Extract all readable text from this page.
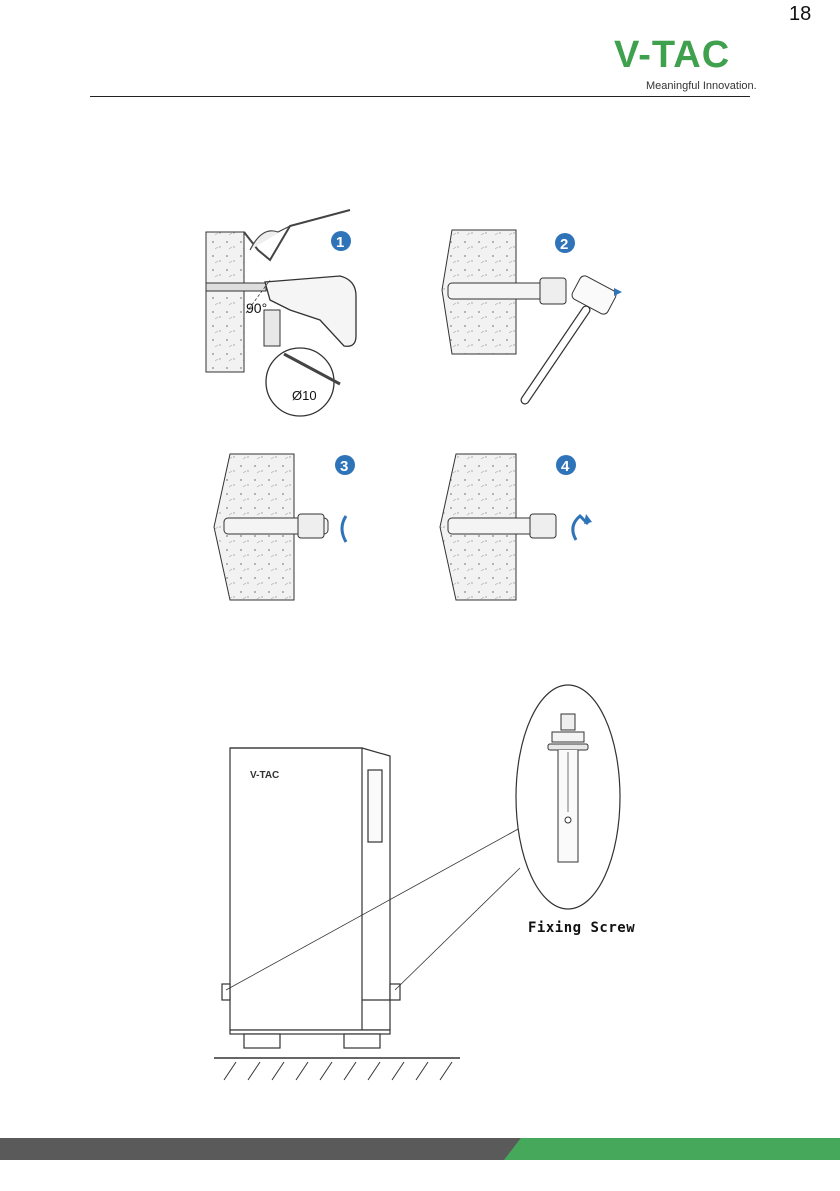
18
V-TAC
Meaningful Innovation.
90°
Ø10
1	2
3	4
V-TAC
Fixing Screw
